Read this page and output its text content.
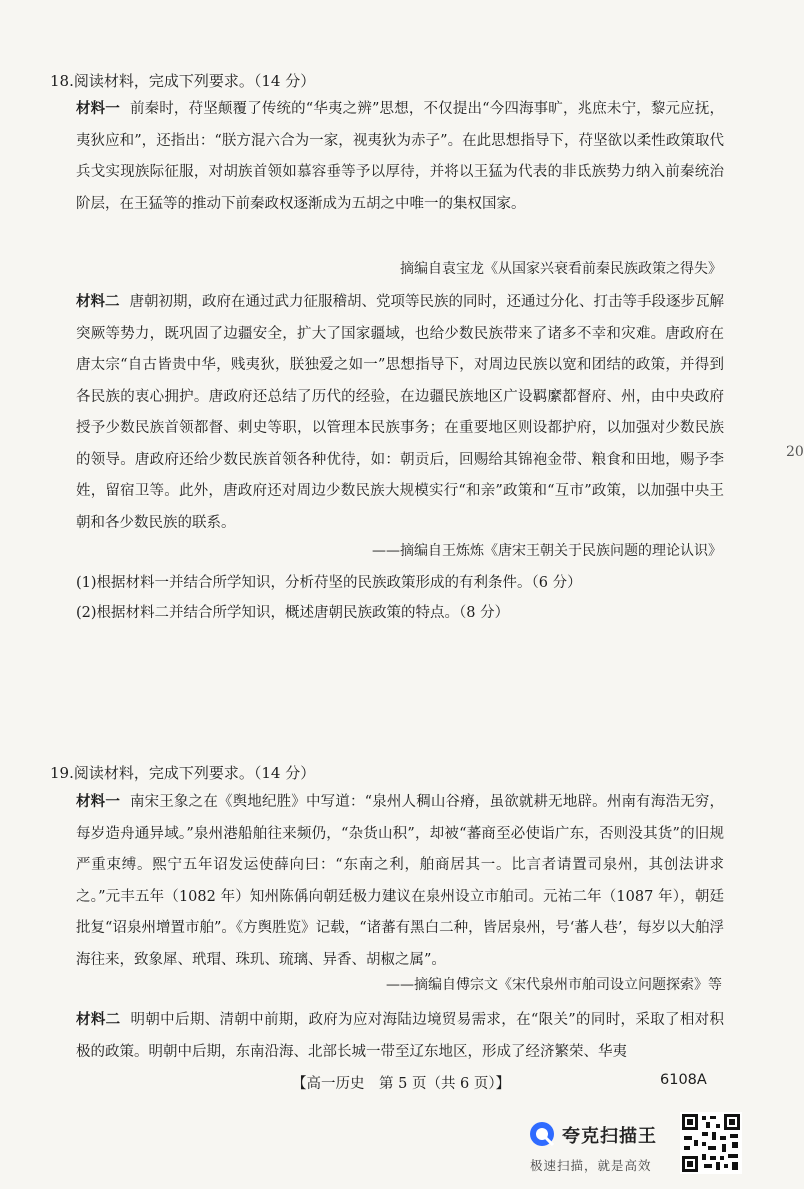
18.阅读材料，完成下列要求。（14 分）
材料一 前秦时，苻坚颠覆了传统的“华夷之辨”思想，不仅提出“今四海事旷，兆庶未宁，黎元应抚，夷狄应和”，还指出：“朕方混六合为一家，视夷狄为赤子”。在此思想指导下，苻坚欲以柔性政策取代兵戈实现族际征服，对胡族首领如慕容垂等予以厚待，并将以王猛为代表的非氐族势力纳入前秦统治阶层，在王猛等的推动下前秦政权逐渐成为五胡之中唯一的集权国家。
摘编自袁宝龙《从国家兴衰看前秦民族政策之得失》
材料二 唐朝初期，政府在通过武力征服稽胡、党项等民族的同时，还通过分化、打击等手段逐步瓦解突厥等势力，既巩固了边疆安全，扩大了国家疆域，也给少数民族带来了诸多不幸和灾难。唐政府在唐太宗“自古皆贵中华，贱夷狄，朕独爱之如一”思想指导下，对周边民族以宽和团结的政策，并得到各民族的衷心拥护。唐政府还总结了历代的经验，在边疆民族地区广设羁縻都督府、州，由中央政府授予少数民族首领都督、刺史等职，以管理本民族事务；在重要地区则设都护府，以加强对少数民族的领导。唐政府还给少数民族首领各种优待，如：朝贡后，回赐给其锦袍金带、粮食和田地，赐予李姓，留宿卫等。此外，唐政府还对周边少数民族大规模实行“和亲”政策和“互市”政策，以加强中央王朝和各少数民族的联系。
——摘编自王炼炼《唐宋王朝关于民族问题的理论认识》
(1)根据材料一并结合所学知识，分析苻坚的民族政策形成的有利条件。（6 分）
(2)根据材料二并结合所学知识，概述唐朝民族政策的特点。（8 分）
20
19.阅读材料，完成下列要求。（14 分）
材料一 南宋王象之在《舆地纪胜》中写道：“泉州人稠山谷瘠，虽欲就耕无地辟。州南有海浩无穷，每岁造舟通异域。”泉州港船舶往来频仍，“杂货山积”，却被“蕃商至必使诣广东，否则没其货”的旧规严重束缚。熙宁五年诏发运使薛向曰：“东南之利，舶商居其一。比言者请置司泉州，其创法讲求之。”元丰五年（1082 年）知州陈偁向朝廷极力建议在泉州设立市舶司。元祐二年（1087 年），朝廷批复“诏泉州增置市舶”。《方舆胜览》记载，“诸蕃有黑白二种，皆居泉州，号‘蕃人巷’，每岁以大舶浮海往来，致象犀、玳瑁、珠玑、琉璃、异香、胡椒之属”。
——摘编自傅宗文《宋代泉州市舶司设立问题探索》等
材料二 明朝中后期、清朝中前期，政府为应对海陆边境贸易需求，在“限关”的同时，采取了相对积极的政策。明朝中后期，东南沿海、北部长城一带至辽东地区，形成了经济繁荣、华夷
【高一历史　第 5 页（共 6 页）】	6108A
夸克扫描王
极速扫描，就是高效
